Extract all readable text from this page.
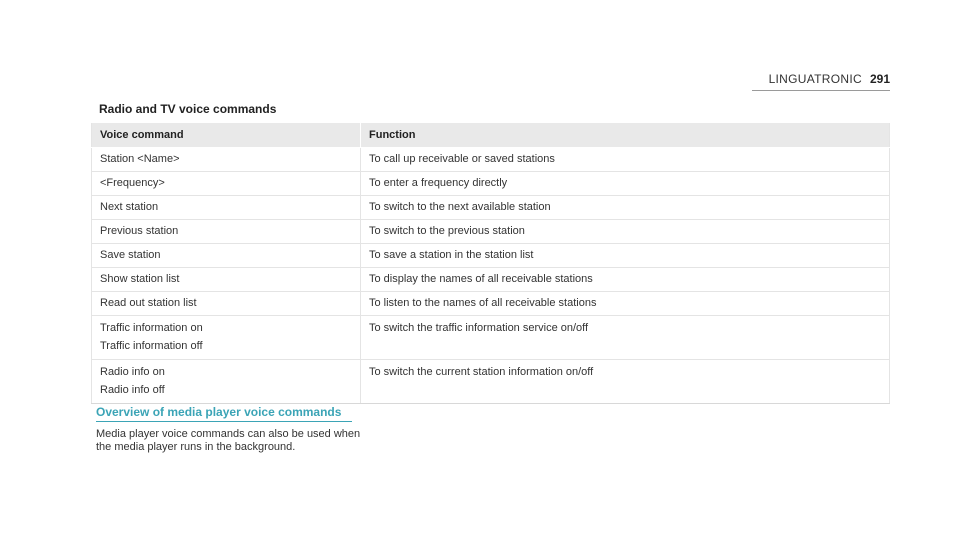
LINGUATRONIC 291
Radio and TV voice commands
Voice command	Function
Station <Name>	To call up receivable or saved stations
<Frequency>	To enter a frequency directly
Next station	To switch to the next available station
Previous station	To switch to the previous station
Save station	To save a station in the station list
Show station list	To display the names of all receivable stations
Read out station list	To listen to the names of all receivable stations
Traffic information on
Traffic information off	To switch the traffic information service on/off
Radio info on
Radio info off	To switch the current station information on/off
Overview of media player voice commands
Media player voice commands can also be used when the media player runs in the background.
